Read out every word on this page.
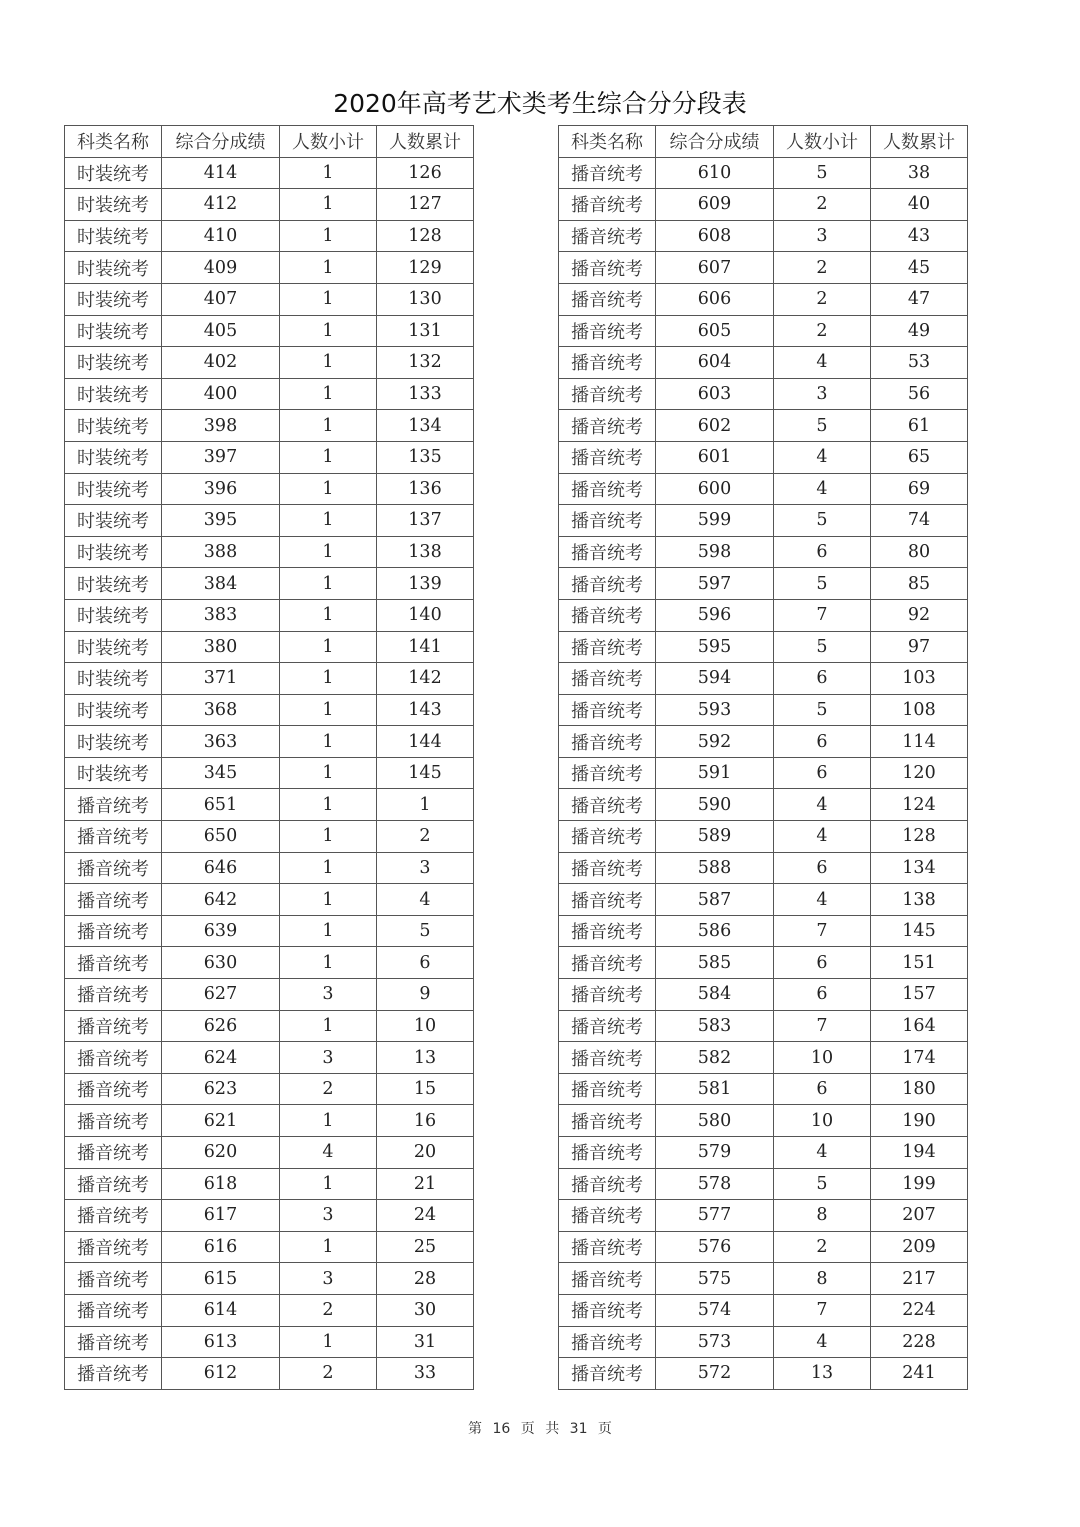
2020年高考艺术类考生综合分分段表
科类名称	综合分成绩	人数小计	人数累计
时装统考	414	1	126
时装统考	412	1	127
时装统考	410	1	128
时装统考	409	1	129
时装统考	407	1	130
时装统考	405	1	131
时装统考	402	1	132
时装统考	400	1	133
时装统考	398	1	134
时装统考	397	1	135
时装统考	396	1	136
时装统考	395	1	137
时装统考	388	1	138
时装统考	384	1	139
时装统考	383	1	140
时装统考	380	1	141
时装统考	371	1	142
时装统考	368	1	143
时装统考	363	1	144
时装统考	345	1	145
播音统考	651	1	1
播音统考	650	1	2
播音统考	646	1	3
播音统考	642	1	4
播音统考	639	1	5
播音统考	630	1	6
播音统考	627	3	9
播音统考	626	1	10
播音统考	624	3	13
播音统考	623	2	15
播音统考	621	1	16
播音统考	620	4	20
播音统考	618	1	21
播音统考	617	3	24
播音统考	616	1	25
播音统考	615	3	28
播音统考	614	2	30
播音统考	613	1	31
播音统考	612	2	33
科类名称	综合分成绩	人数小计	人数累计
播音统考	610	5	38
播音统考	609	2	40
播音统考	608	3	43
播音统考	607	2	45
播音统考	606	2	47
播音统考	605	2	49
播音统考	604	4	53
播音统考	603	3	56
播音统考	602	5	61
播音统考	601	4	65
播音统考	600	4	69
播音统考	599	5	74
播音统考	598	6	80
播音统考	597	5	85
播音统考	596	7	92
播音统考	595	5	97
播音统考	594	6	103
播音统考	593	5	108
播音统考	592	6	114
播音统考	591	6	120
播音统考	590	4	124
播音统考	589	4	128
播音统考	588	6	134
播音统考	587	4	138
播音统考	586	7	145
播音统考	585	6	151
播音统考	584	6	157
播音统考	583	7	164
播音统考	582	10	174
播音统考	581	6	180
播音统考	580	10	190
播音统考	579	4	194
播音统考	578	5	199
播音统考	577	8	207
播音统考	576	2	209
播音统考	575	8	217
播音统考	574	7	224
播音统考	573	4	228
播音统考	572	13	241
第 16 页 共 31 页
